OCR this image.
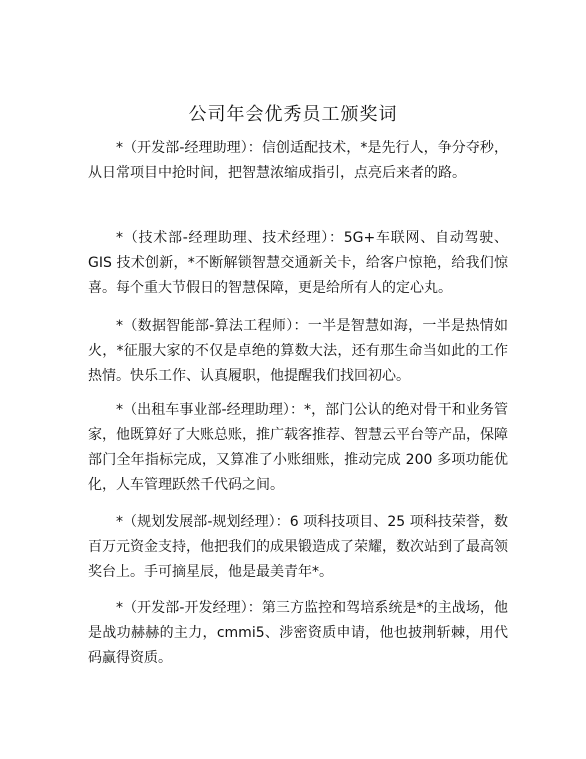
公司年会优秀员工颁奖词

*（开发部-经理助理）：信创适配技术，*是先行人，争分夺秒，从日常项目中抢时间，把智慧浓缩成指引，点亮后来者的路。

*（技术部-经理助理、技术经理）：5G+车联网、自动驾驶、GIS 技术创新，*不断解锁智慧交通新关卡，给客户惊艳，给我们惊喜。每个重大节假日的智慧保障，更是给所有人的定心丸。

*（数据智能部-算法工程师）：一半是智慧如海，一半是热情如火，*征服大家的不仅是卓绝的算数大法，还有那生命当如此的工作热情。快乐工作、认真履职，他提醒我们找回初心。

*（出租车事业部-经理助理）：*，部门公认的绝对骨干和业务管家，他既算好了大账总账，推广载客推荐、智慧云平台等产品，保障部门全年指标完成，又算准了小账细账，推动完成 200 多项功能优化，人车管理跃然千代码之间。

*（规划发展部-规划经理）：6 项科技项目、25 项科技荣誉，数百万元资金支持，他把我们的成果锻造成了荣耀，数次站到了最高领奖台上。手可摘星辰，他是最美青年*。

*（开发部-开发经理）：第三方监控和驾培系统是*的主战场，他是战功赫赫的主力，cmmi5、涉密资质申请，他也披荆斩棘，用代码赢得资质。
